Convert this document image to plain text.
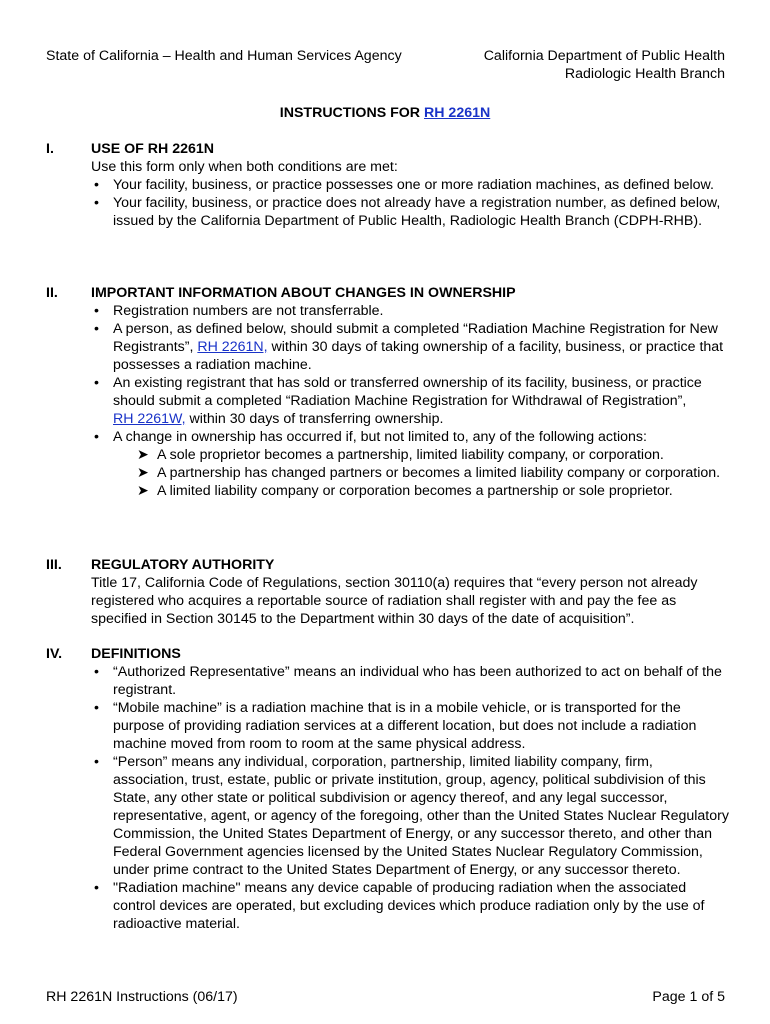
State of California – Health and Human Services Agency	California Department of Public Health
Radiologic Health Branch
INSTRUCTIONS FOR RH 2261N
I.	USE OF RH 2261N
Use this form only when both conditions are met:
• Your facility, business, or practice possesses one or more radiation machines, as defined below.
• Your facility, business, or practice does not already have a registration number, as defined below, issued by the California Department of Public Health, Radiologic Health Branch (CDPH-RHB).
II. IMPORTANT INFORMATION ABOUT CHANGES IN OWNERSHIP
• Registration numbers are not transferrable.
• A person, as defined below, should submit a completed “Radiation Machine Registration for New Registrants”, RH 2261N, within 30 days of taking ownership of a facility, business, or practice that possesses a radiation machine.
• An existing registrant that has sold or transferred ownership of its facility, business, or practice should submit a completed “Radiation Machine Registration for Withdrawal of Registration”,
RH 2261W, within 30 days of transferring ownership.
• A change in ownership has occurred if, but not limited to, any of the following actions:
➤ A sole proprietor becomes a partnership, limited liability company, or corporation.
➤ A partnership has changed partners or becomes a limited liability company or corporation.
➤ A limited liability company or corporation becomes a partnership or sole proprietor.
III. REGULATORY AUTHORITY
Title 17, California Code of Regulations, section 30110(a) requires that “every person not already registered who acquires a reportable source of radiation shall register with and pay the fee as specified in Section 30145 to the Department within 30 days of the date of acquisition”.
IV. DEFINITIONS
• “Authorized Representative” means an individual who has been authorized to act on behalf of the registrant.
• “Mobile machine” is a radiation machine that is in a mobile vehicle, or is transported for the purpose of providing radiation services at a different location, but does not include a radiation machine moved from room to room at the same physical address.
• “Person” means any individual, corporation, partnership, limited liability company, firm, association, trust, estate, public or private institution, group, agency, political subdivision of this State, any other state or political subdivision or agency thereof, and any legal successor, representative, agent, or agency of the foregoing, other than the United States Nuclear Regulatory Commission, the United States Department of Energy, or any successor thereto, and other than Federal Government agencies licensed by the United States Nuclear Regulatory Commission, under prime contract to the United States Department of Energy, or any successor thereto.
• "Radiation machine" means any device capable of producing radiation when the associated control devices are operated, but excluding devices which produce radiation only by the use of radioactive material.
RH 2261N Instructions (06/17)	Page 1 of 5
